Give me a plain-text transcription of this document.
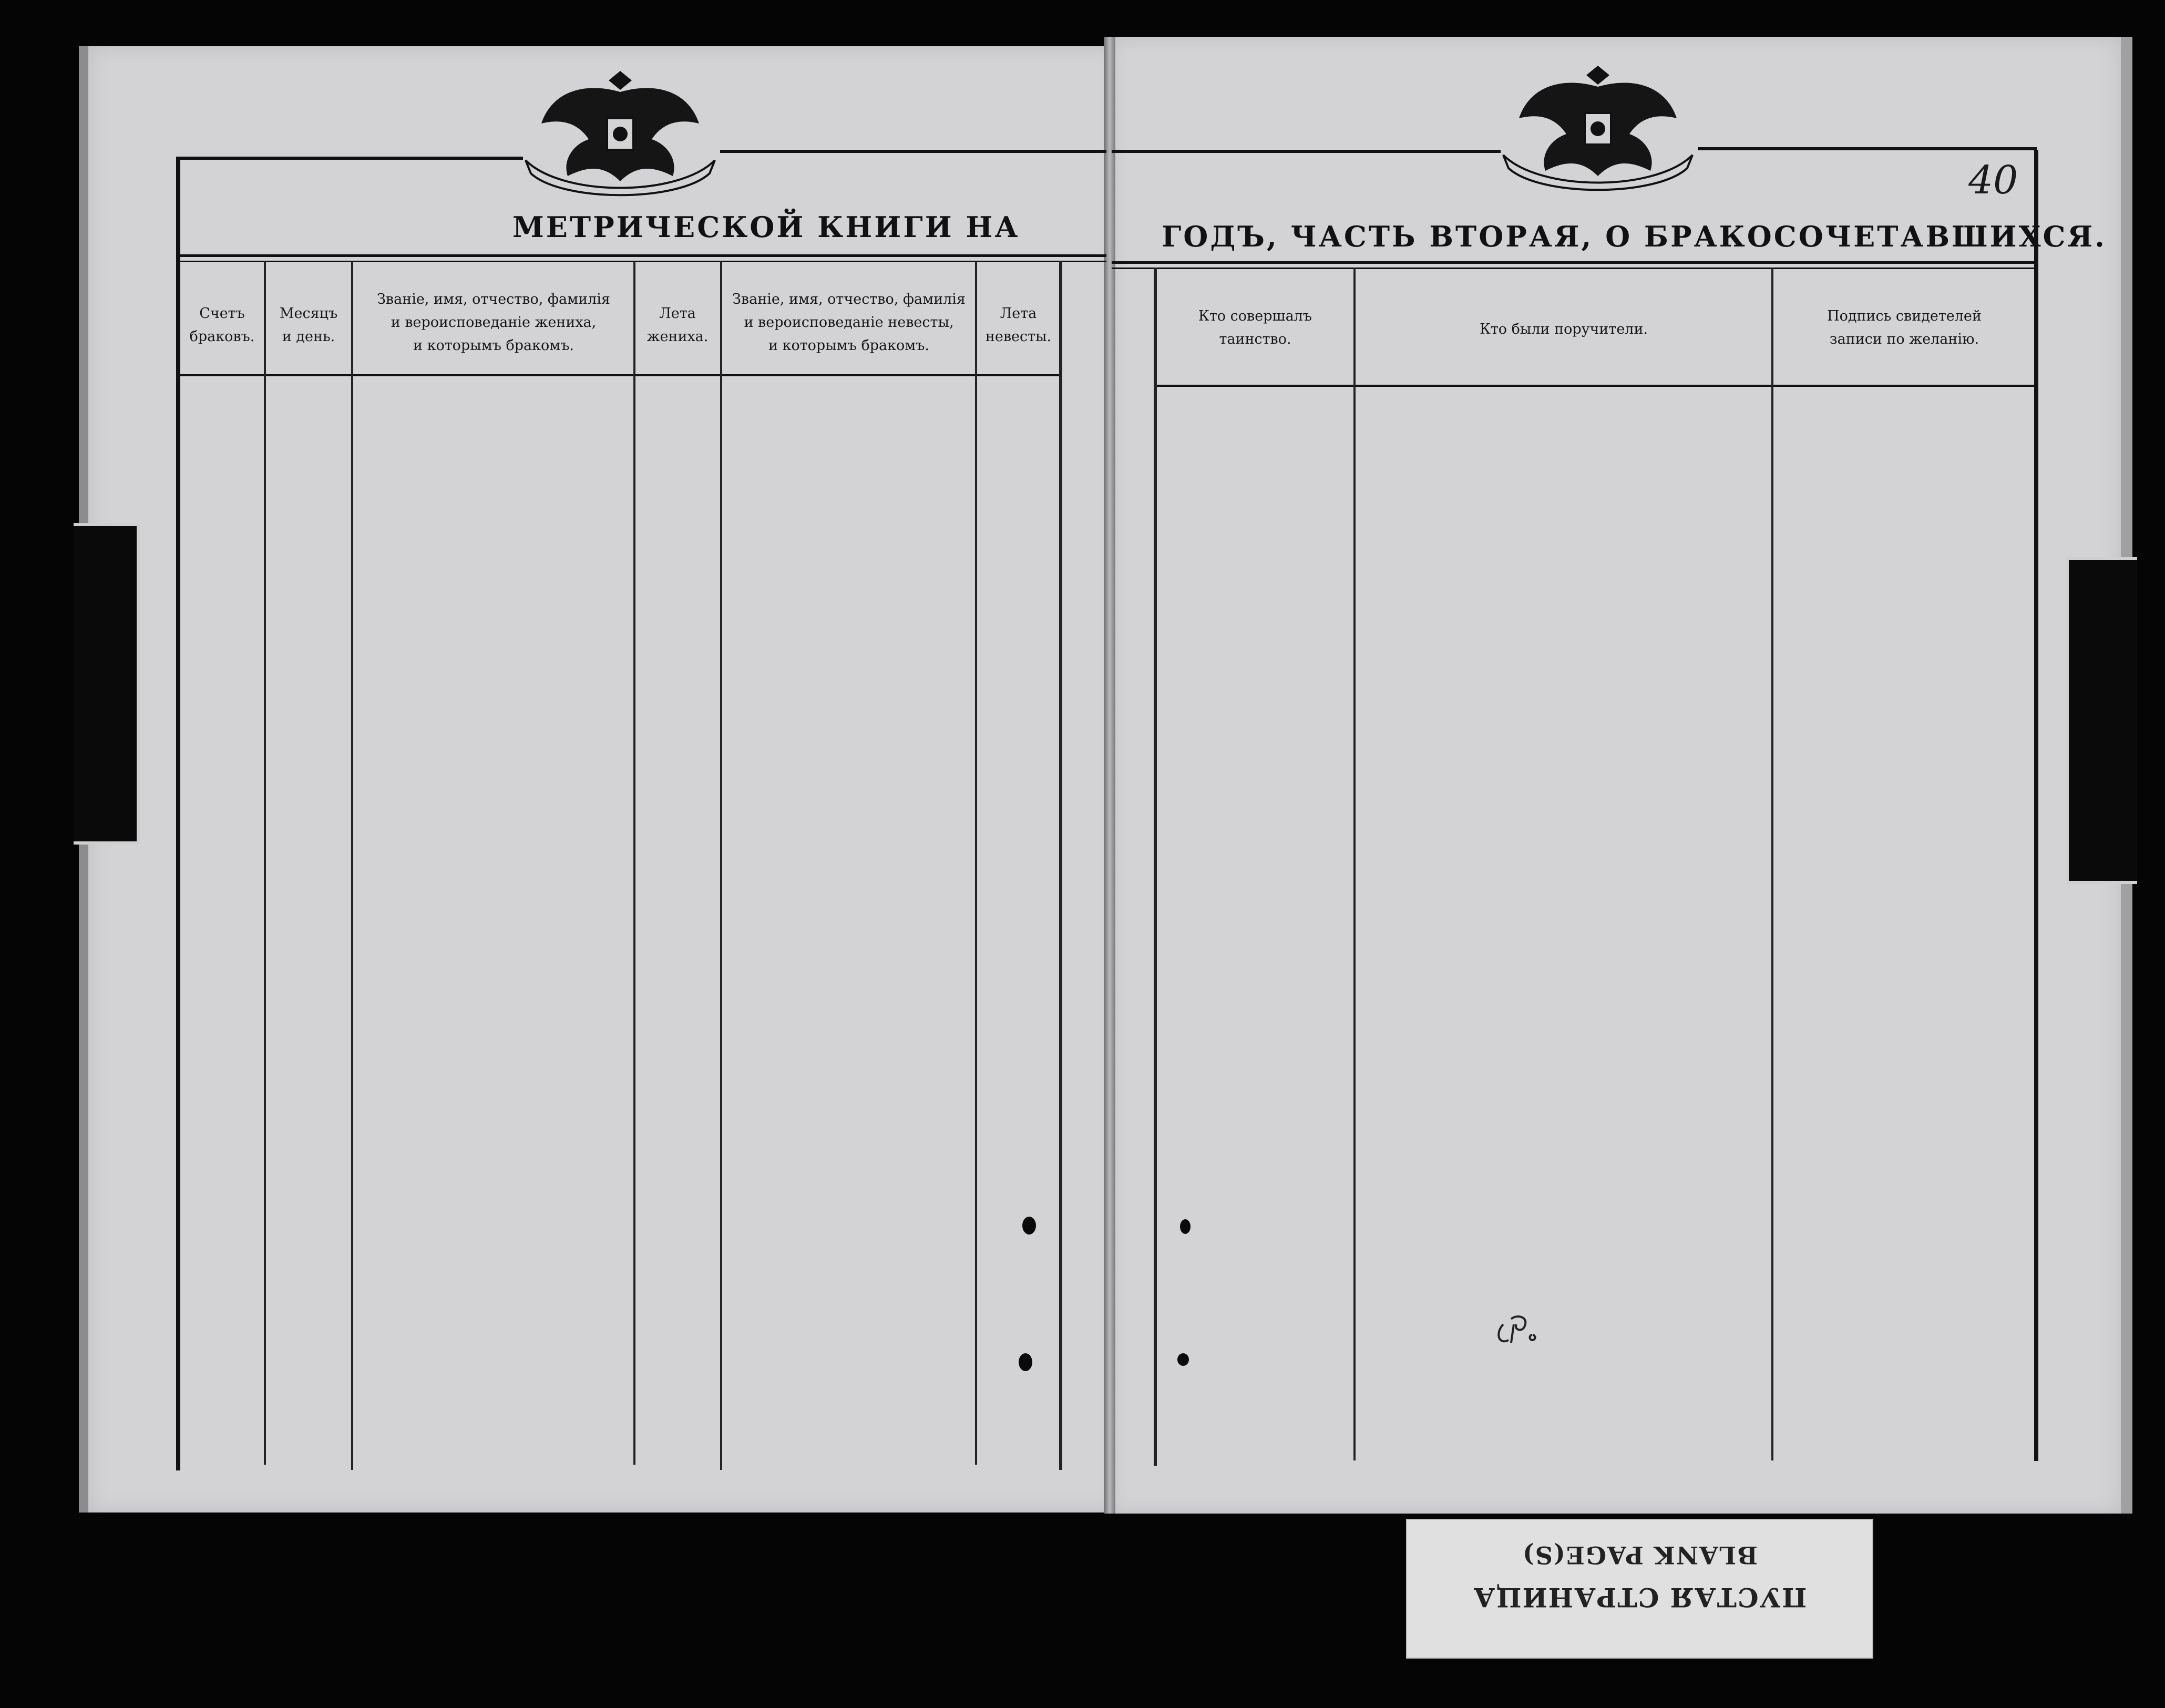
МЕТРИЧЕСКОЙ КНИГИ НА	ГОДЪ, ЧАСТЬ ВТОРАЯ, О БРАКОСОЧЕТАВШИХСЯ.
40
Счетъ
браковъ.
Месяцъ
и день.
Званіе, имя, отчество, фамилія
и вероисповеданіе жениха,
и которымъ бракомъ.
Лета
жениха.
Званіе, имя, отчество, фамилія
и вероисповеданіе невесты,
и которымъ бракомъ.
Лета
невесты.
Кто совершалъ
таинство.
Кто были поручители.
Подпись свидетелей
записи по желанію.
ПУСТАЯ СТРАНИЦА
BLANK PAGE(S)
